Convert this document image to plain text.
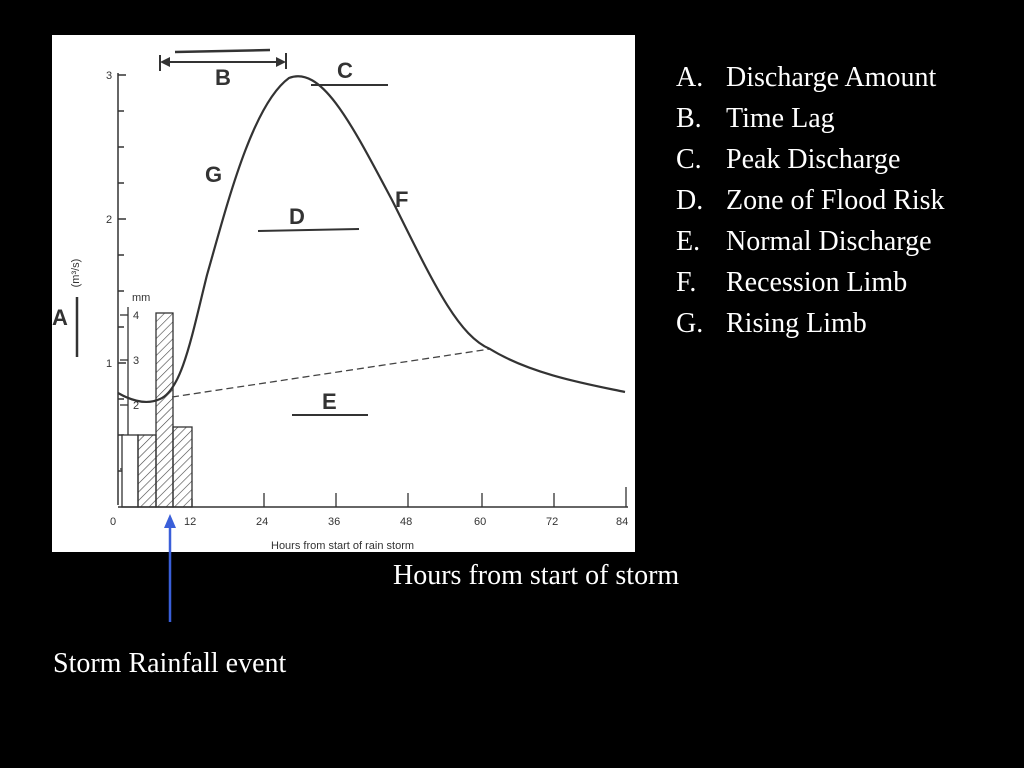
3
2
1
(m³/s)
mm
4
3
2
0	12	24	36	48	60	72	84
Hours from start of rain storm
A
B	C
D
E
F
G
A. Discharge Amount
B. Time Lag
C. Peak Discharge
D. Zone of Flood Risk
E. Normal Discharge
F.	Recession Limb
G. Rising Limb
Hours from start of storm
Storm Rainfall event
